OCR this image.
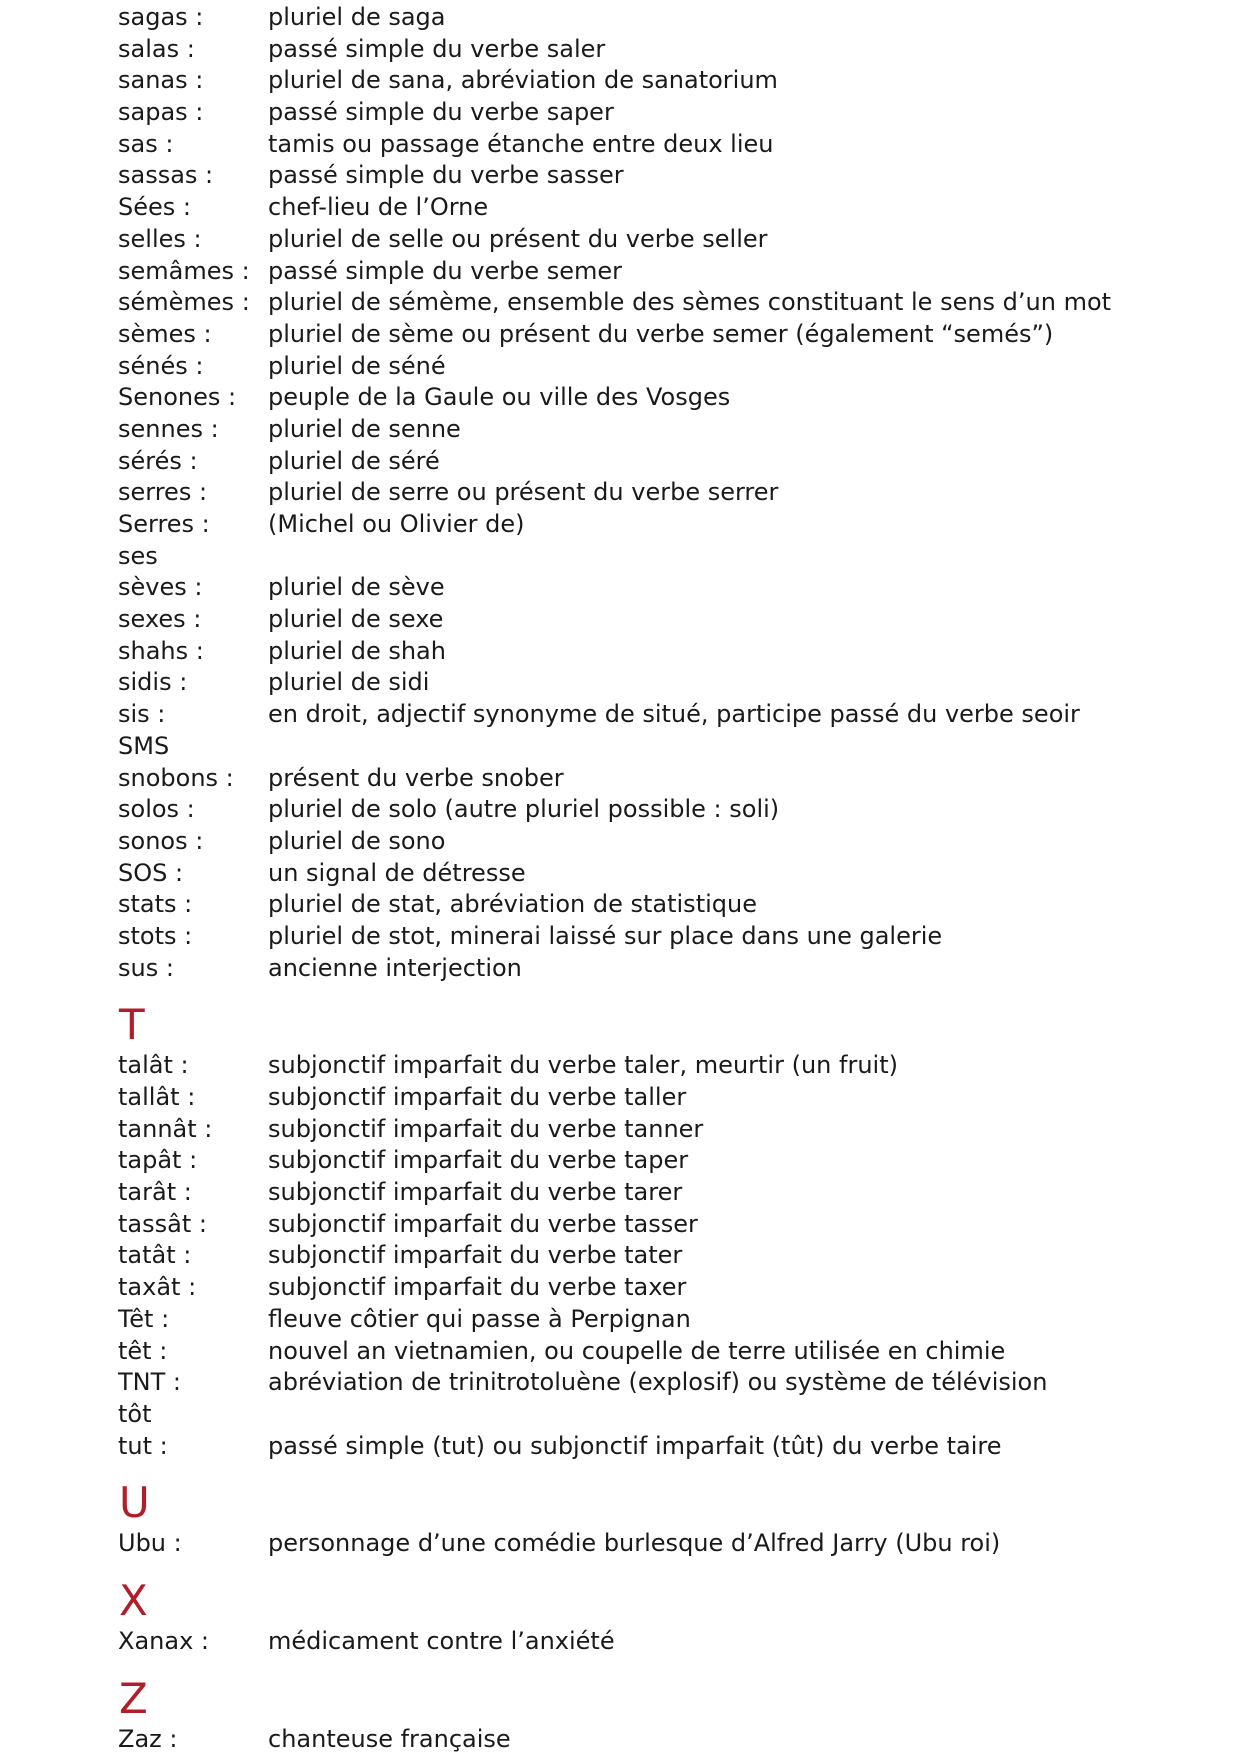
sagas :	pluriel de saga
salas :	passé simple du verbe saler
sanas :	pluriel de sana, abréviation de sanatorium
sapas :	passé simple du verbe saper
sas :	tamis ou passage étanche entre deux lieu
sassas :	passé simple du verbe sasser
Sées :	chef-lieu de l’Orne
selles :	pluriel de selle ou présent du verbe seller
semâmes : passé simple du verbe semer
sémèmes : pluriel de sémème, ensemble des sèmes constituant le sens d’un mot
sèmes :	pluriel de sème ou présent du verbe semer (également “semés”)
sénés :	pluriel de séné
Senones :	peuple de la Gaule ou ville des Vosges
sennes :	pluriel de senne
sérés :	pluriel de séré
serres :	pluriel de serre ou présent du verbe serrer
Serres :	(Michel ou Olivier de)
ses
sèves :	pluriel de sève
sexes :	pluriel de sexe
shahs :	pluriel de shah
sidis :	pluriel de sidi
sis :	en droit, adjectif synonyme de situé, participe passé du verbe seoir
SMS
snobons :	présent du verbe snober
solos :	pluriel de solo (autre pluriel possible : soli)
sonos :	pluriel de sono
SOS :	un signal de détresse
stats :	pluriel de stat, abréviation de statistique
stots :	pluriel de stot, minerai laissé sur place dans une galerie
sus :	ancienne interjection
T
talât :	subjonctif imparfait du verbe taler, meurtir (un fruit)
tallât :	subjonctif imparfait du verbe taller
tannât :	subjonctif imparfait du verbe tanner
tapât :	subjonctif imparfait du verbe taper
tarât :	subjonctif imparfait du verbe tarer
tassât :	subjonctif imparfait du verbe tasser
tatât :	subjonctif imparfait du verbe tater
taxât :	subjonctif imparfait du verbe taxer
Têt :	fleuve côtier qui passe à Perpignan
têt :	nouvel an vietnamien, ou coupelle de terre utilisée en chimie
TNT :	abréviation de trinitrotoluène (explosif) ou système de télévision
tôt
tut :	passé simple (tut) ou subjonctif imparfait (tût) du verbe taire
U
Ubu :	personnage d’une comédie burlesque d’Alfred Jarry (Ubu roi)
X
Xanax :	médicament contre l’anxiété
Z
Zaz :	chanteuse française
